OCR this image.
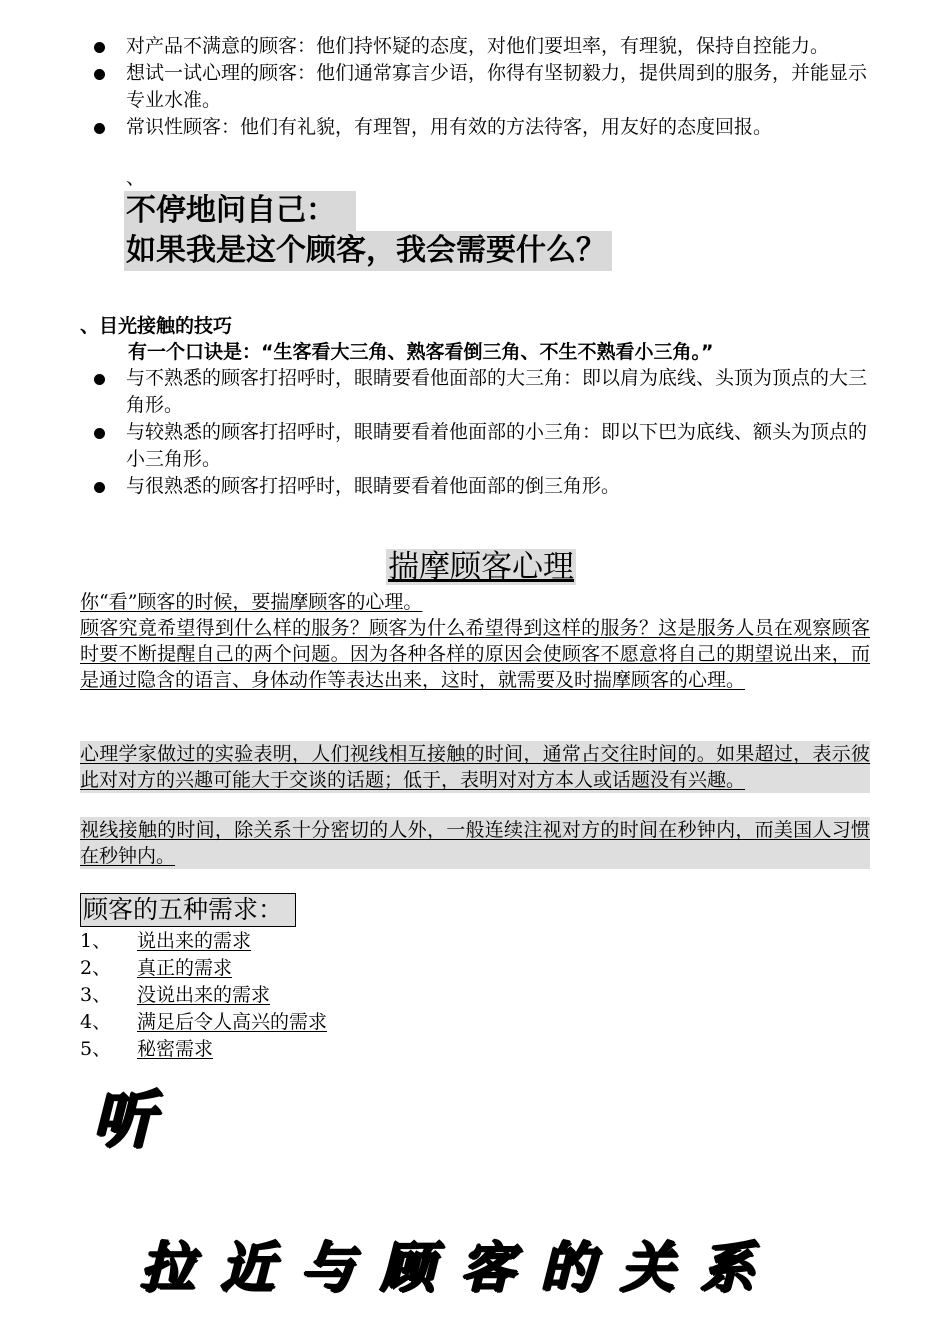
对产品不满意的顾客：他们持怀疑的态度，对他们要坦率，有理貌，保持自控能力。
想试一试心理的顾客：他们通常寡言少语，你得有坚韧毅力，提供周到的服务，并能显示专业水准。
常识性顾客：他们有礼貌，有理智，用有效的方法待客，用友好的态度回报。
、
不停地问自己：
如果我是这个顾客，我会需要什么？
、目光接触的技巧
有一个口诀是：“生客看大三角、熟客看倒三角、不生不熟看小三角。”
与不熟悉的顾客打招呼时，眼睛要看他面部的大三角：即以肩为底线、头顶为顶点的大三角形。
与较熟悉的顾客打招呼时，眼睛要看着他面部的小三角：即以下巴为底线、额头为顶点的小三角形。
与很熟悉的顾客打招呼时，眼睛要看着他面部的倒三角形。
揣摩顾客心理
你“看”顾客的时候，要揣摩顾客的心理。
顾客究竟希望得到什么样的服务？顾客为什么希望得到这样的服务？这是服务人员在观察顾客时要不断提醒自己的两个问题。因为各种各样的原因会使顾客不愿意将自己的期望说出来，而是通过隐含的语言、身体动作等表达出来，这时，就需要及时揣摩顾客的心理。
心理学家做过的实验表明，人们视线相互接触的时间，通常占交往时间的。如果超过，表示彼此对对方的兴趣可能大于交谈的话题；低于，表明对对方本人或话题没有兴趣。
视线接触的时间，除关系十分密切的人外，一般连续注视对方的时间在秒钟内，而美国人习惯在秒钟内。
顾客的五种需求：
1、 说出来的需求
2、 真正的需求
3、 没说出来的需求
4、 满足后令人高兴的需求
5、 秘密需求
听
拉近与顾客的关系
